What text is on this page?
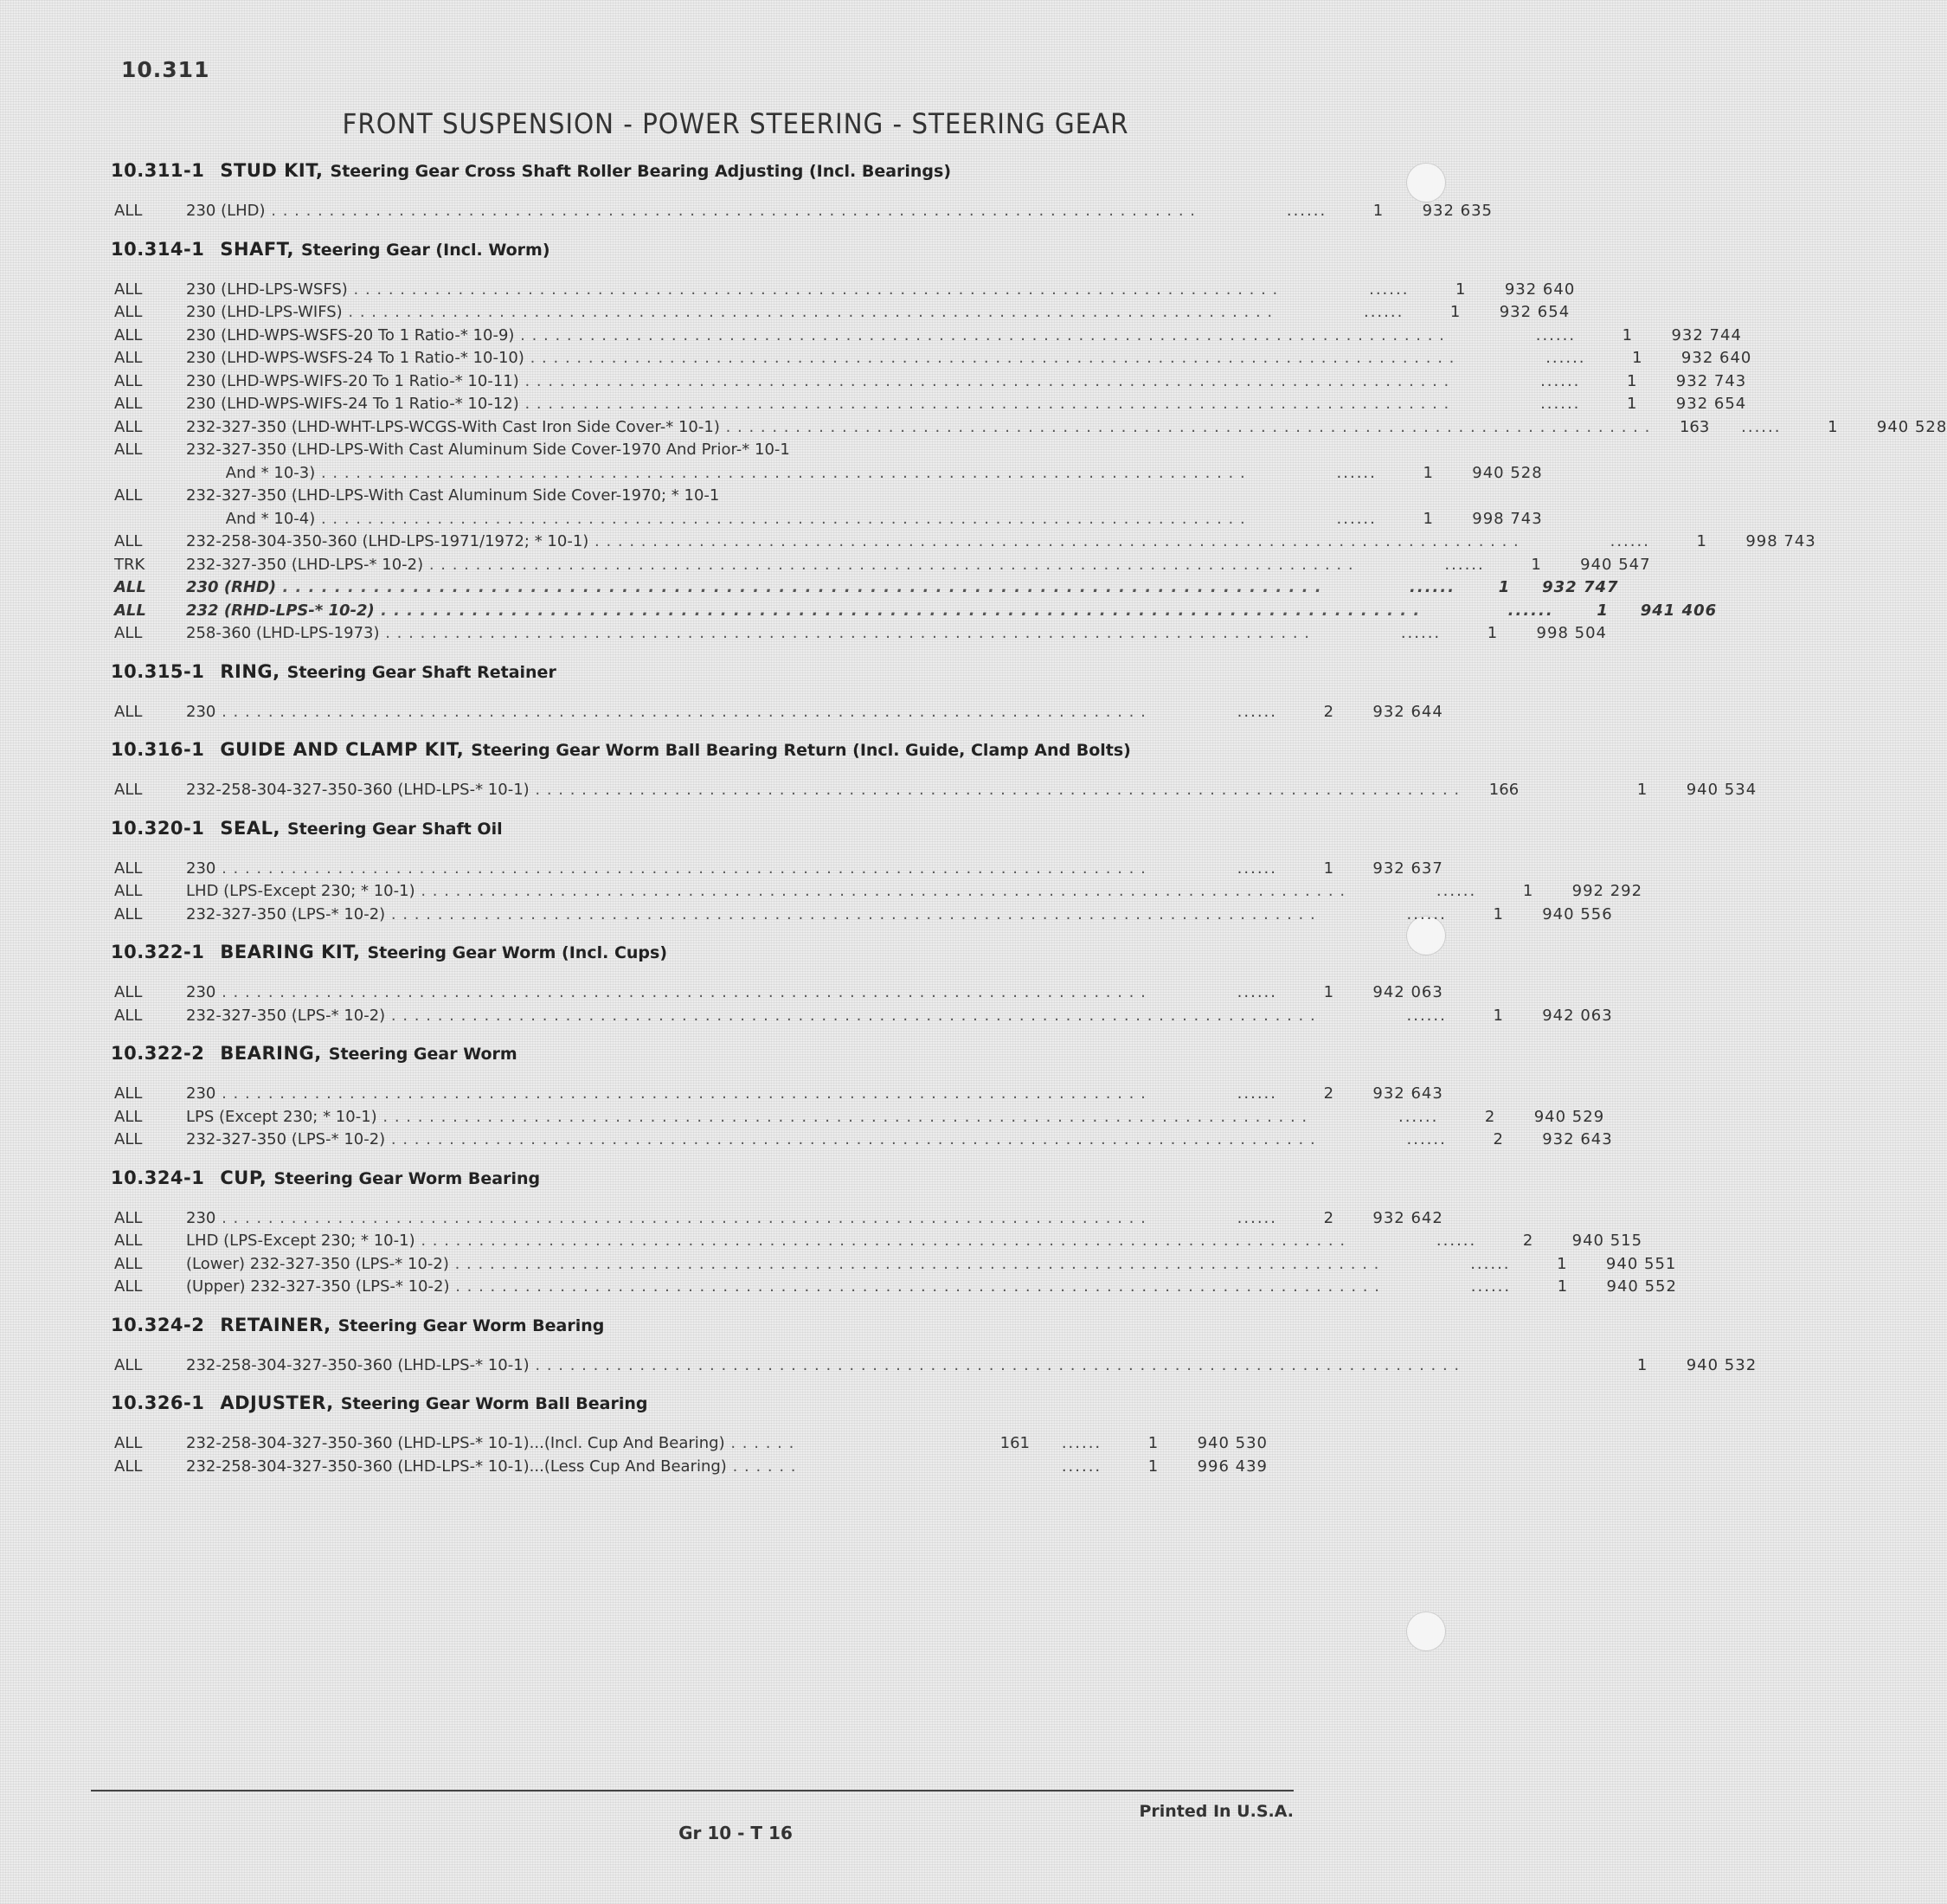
10.311
FRONT SUSPENSION - POWER STEERING - STEERING GEAR
10.311-1 STUD KIT, Steering Gear Cross Shaft Roller Bearing Adjusting (Incl. Bearings)
ALL	230 (LHD) . . . . . . . . . . . . . . . . . . . . . . . . . . . . . . . . . . . . . . . . . . . . . . . . . . . . . . . . . . . . . . . . . . . . . . . . . . . . . . . .	......	1	932 635
10.314-1 SHAFT, Steering Gear (Incl. Worm)
ALL	230 (LHD-LPS-WSFS) . . . . . . . . . . . . . . . . . . . . . . . . . . . . . . . . . . . . . . . . . . . . . . . . . . . . . . . . . . . . . . . . . . . . . . . . . . . . . . . .	......	1	932 640
ALL	230 (LHD-LPS-WIFS) . . . . . . . . . . . . . . . . . . . . . . . . . . . . . . . . . . . . . . . . . . . . . . . . . . . . . . . . . . . . . . . . . . . . . . . . . . . . . . . .	......	1	932 654
ALL	230 (LHD-WPS-WSFS-20 To 1 Ratio-* 10-9) . . . . . . . . . . . . . . . . . . . . . . . . . . . . . . . . . . . . . . . . . . . . . . . . . . . . . . . . . . . . . . . . . . . . . . . . . . . . . . . .	......	1	932 744
ALL	230 (LHD-WPS-WSFS-24 To 1 Ratio-* 10-10) . . . . . . . . . . . . . . . . . . . . . . . . . . . . . . . . . . . . . . . . . . . . . . . . . . . . . . . . . . . . . . . . . . . . . . . . . . . . . . . .	......	1	932 640
ALL	230 (LHD-WPS-WIFS-20 To 1 Ratio-* 10-11) . . . . . . . . . . . . . . . . . . . . . . . . . . . . . . . . . . . . . . . . . . . . . . . . . . . . . . . . . . . . . . . . . . . . . . . . . . . . . . . .	......	1	932 743
ALL	230 (LHD-WPS-WIFS-24 To 1 Ratio-* 10-12) . . . . . . . . . . . . . . . . . . . . . . . . . . . . . . . . . . . . . . . . . . . . . . . . . . . . . . . . . . . . . . . . . . . . . . . . . . . . . . . .	......	1	932 654
ALL	232-327-350 (LHD-WHT-LPS-WCGS-With Cast Iron Side Cover-* 10-1) . . . . . . . . . . . . . . . . . . . . . . . . . . . . . . . . . . . . . . . . . . . . . . . . . . . . . . . . . . . . . . . . . . . . . . . . . . . . . . . .	163	......	1	940 528
ALL	232-327-350 (LHD-LPS-With Cast Aluminum Side Cover-1970 And Prior-* 10-1
And * 10-3) . . . . . . . . . . . . . . . . . . . . . . . . . . . . . . . . . . . . . . . . . . . . . . . . . . . . . . . . . . . . . . . . . . . . . . . . . . . . . . . .	......	1	940 528
ALL	232-327-350 (LHD-LPS-With Cast Aluminum Side Cover-1970; * 10-1
And * 10-4) . . . . . . . . . . . . . . . . . . . . . . . . . . . . . . . . . . . . . . . . . . . . . . . . . . . . . . . . . . . . . . . . . . . . . . . . . . . . . . . .	......	1	998 743
ALL	232-258-304-350-360 (LHD-LPS-1971/1972; * 10-1) . . . . . . . . . . . . . . . . . . . . . . . . . . . . . . . . . . . . . . . . . . . . . . . . . . . . . . . . . . . . . . . . . . . . . . . . . . . . . . . .	......	1	998 743
TRK	232-327-350 (LHD-LPS-* 10-2) . . . . . . . . . . . . . . . . . . . . . . . . . . . . . . . . . . . . . . . . . . . . . . . . . . . . . . . . . . . . . . . . . . . . . . . . . . . . . . . .	......	1	940 547
ALL	230 (RHD) . . . . . . . . . . . . . . . . . . . . . . . . . . . . . . . . . . . . . . . . . . . . . . . . . . . . . . . . . . . . . . . . . . . . . . . . . . . . . . . .	......	1	932 747
ALL	232 (RHD-LPS-* 10-2) . . . . . . . . . . . . . . . . . . . . . . . . . . . . . . . . . . . . . . . . . . . . . . . . . . . . . . . . . . . . . . . . . . . . . . . . . . . . . . . .	......	1	941 406
ALL	258-360 (LHD-LPS-1973) . . . . . . . . . . . . . . . . . . . . . . . . . . . . . . . . . . . . . . . . . . . . . . . . . . . . . . . . . . . . . . . . . . . . . . . . . . . . . . . .	......	1	998 504
10.315-1 RING, Steering Gear Shaft Retainer
ALL	230 . . . . . . . . . . . . . . . . . . . . . . . . . . . . . . . . . . . . . . . . . . . . . . . . . . . . . . . . . . . . . . . . . . . . . . . . . . . . . . . .	......	2	932 644
10.316-1 GUIDE AND CLAMP KIT, Steering Gear Worm Ball Bearing Return (Incl. Guide, Clamp And Bolts)
ALL	232-258-304-327-350-360 (LHD-LPS-* 10-1) . . . . . . . . . . . . . . . . . . . . . . . . . . . . . . . . . . . . . . . . . . . . . . . . . . . . . . . . . . . . . . . . . . . . . . . . . . . . . . . .	166	1	940 534
10.320-1 SEAL, Steering Gear Shaft Oil
ALL	230 . . . . . . . . . . . . . . . . . . . . . . . . . . . . . . . . . . . . . . . . . . . . . . . . . . . . . . . . . . . . . . . . . . . . . . . . . . . . . . . .	......	1	932 637
ALL	LHD (LPS-Except 230; * 10-1) . . . . . . . . . . . . . . . . . . . . . . . . . . . . . . . . . . . . . . . . . . . . . . . . . . . . . . . . . . . . . . . . . . . . . . . . . . . . . . . .	......	1	992 292
ALL	232-327-350 (LPS-* 10-2) . . . . . . . . . . . . . . . . . . . . . . . . . . . . . . . . . . . . . . . . . . . . . . . . . . . . . . . . . . . . . . . . . . . . . . . . . . . . . . . .	......	1	940 556
10.322-1 BEARING KIT, Steering Gear Worm (Incl. Cups)
ALL	230 . . . . . . . . . . . . . . . . . . . . . . . . . . . . . . . . . . . . . . . . . . . . . . . . . . . . . . . . . . . . . . . . . . . . . . . . . . . . . . . .	......	1	942 063
ALL	232-327-350 (LPS-* 10-2) . . . . . . . . . . . . . . . . . . . . . . . . . . . . . . . . . . . . . . . . . . . . . . . . . . . . . . . . . . . . . . . . . . . . . . . . . . . . . . . .	......	1	942 063
10.322-2 BEARING, Steering Gear Worm
ALL	230 . . . . . . . . . . . . . . . . . . . . . . . . . . . . . . . . . . . . . . . . . . . . . . . . . . . . . . . . . . . . . . . . . . . . . . . . . . . . . . . .	......	2	932 643
ALL	LPS (Except 230; * 10-1) . . . . . . . . . . . . . . . . . . . . . . . . . . . . . . . . . . . . . . . . . . . . . . . . . . . . . . . . . . . . . . . . . . . . . . . . . . . . . . . .	......	2	940 529
ALL	232-327-350 (LPS-* 10-2) . . . . . . . . . . . . . . . . . . . . . . . . . . . . . . . . . . . . . . . . . . . . . . . . . . . . . . . . . . . . . . . . . . . . . . . . . . . . . . . .	......	2	932 643
10.324-1 CUP, Steering Gear Worm Bearing
ALL	230 . . . . . . . . . . . . . . . . . . . . . . . . . . . . . . . . . . . . . . . . . . . . . . . . . . . . . . . . . . . . . . . . . . . . . . . . . . . . . . . .	......	2	932 642
ALL	LHD (LPS-Except 230; * 10-1) . . . . . . . . . . . . . . . . . . . . . . . . . . . . . . . . . . . . . . . . . . . . . . . . . . . . . . . . . . . . . . . . . . . . . . . . . . . . . . . .	......	2	940 515
ALL	(Lower) 232-327-350 (LPS-* 10-2) . . . . . . . . . . . . . . . . . . . . . . . . . . . . . . . . . . . . . . . . . . . . . . . . . . . . . . . . . . . . . . . . . . . . . . . . . . . . . . . .	......	1	940 551
ALL	(Upper) 232-327-350 (LPS-* 10-2) . . . . . . . . . . . . . . . . . . . . . . . . . . . . . . . . . . . . . . . . . . . . . . . . . . . . . . . . . . . . . . . . . . . . . . . . . . . . . . . .	......	1	940 552
10.324-2 RETAINER, Steering Gear Worm Bearing
ALL	232-258-304-327-350-360 (LHD-LPS-* 10-1) . . . . . . . . . . . . . . . . . . . . . . . . . . . . . . . . . . . . . . . . . . . . . . . . . . . . . . . . . . . . . . . . . . . . . . . . . . . . . . . .	1	940 532
10.326-1 ADJUSTER, Steering Gear Worm Ball Bearing
ALL	232-258-304-327-350-360 (LHD-LPS-* 10-1)...(Incl. Cup And Bearing) . . . . . .	161	......	1	940 530
ALL	232-258-304-327-350-360 (LHD-LPS-* 10-1)...(Less Cup And Bearing) . . . . . .	......	1	996 439
Printed In U.S.A.
Gr 10 - T 16
